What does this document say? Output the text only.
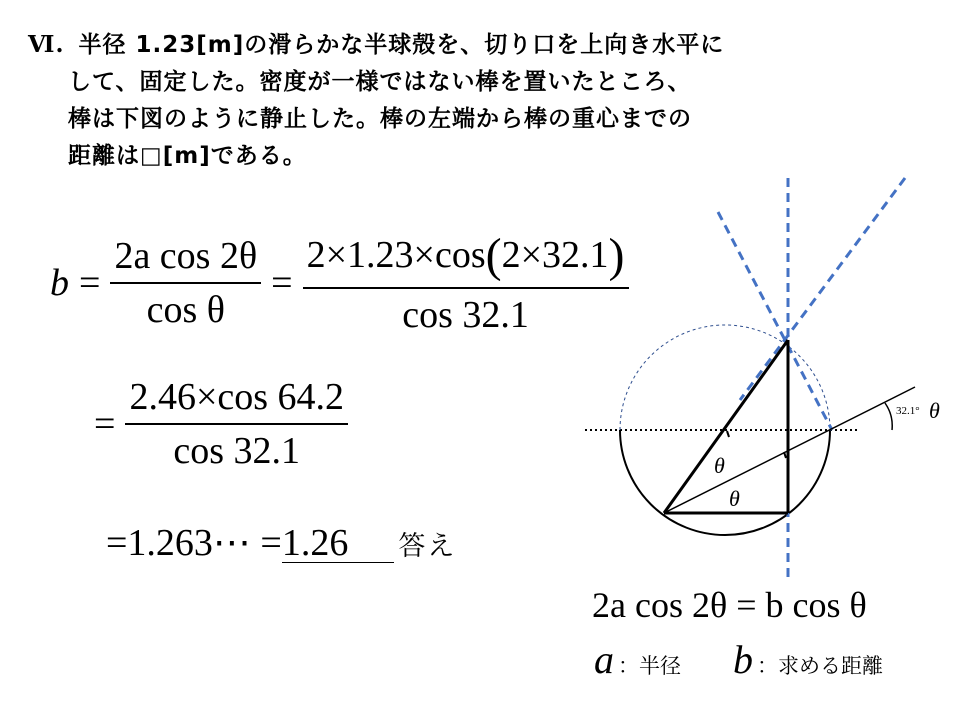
Ⅵ. 半径 1.23[m]の滑らかな半球殻を、切り口を上向き水平に
して、固定した。密度が一様ではない棒を置いたところ、
棒は下図のように静止した。棒の左端から棒の重心までの
距離は□[m]である。
$b = \frac{\text{2a cos 2θ}}{\text{cos θ}} = \frac{2\times 1.23\times\cos(2\times 32.1)}{\cos 32.1}$
= $\frac{2.46\times\cos 64.2}{\cos 32.1}$
=1.263⋯ = 1.26	答え
32.1° θ
θ
θ
2a cos 2θ = b cos θ
a ：半径 b ：求める距離
